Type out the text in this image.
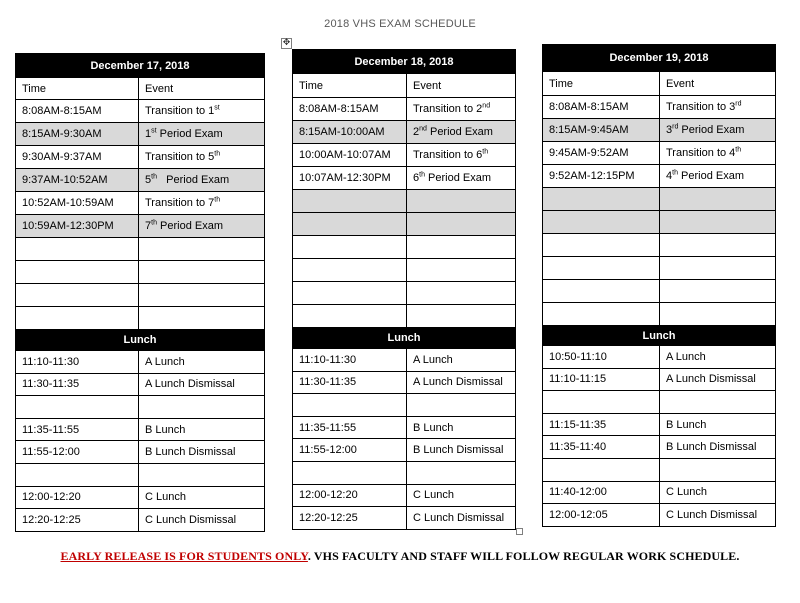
2018 VHS EXAM SCHEDULE
✥
December 17, 2018	
Time	Event
8:08AM-8:15AM	Transition to 1st
8:15AM-9:30AM	1st Period Exam
9:30AM-9:37AM	Transition to 5th
9:37AM-10:52AM	5th   Period Exam
10:52AM-10:59AM	Transition to 7th
10:59AM-12:30PM	7th Period Exam

Lunch	
11:10-11:30	A Lunch
11:30-11:35	A Lunch Dismissal

11:35-11:55	B Lunch
11:55-12:00	B Lunch Dismissal

12:00-12:20	C Lunch
12:20-12:25	C Lunch Dismissal
December 18, 2018	
Time	Event
8:08AM-8:15AM	Transition to 2nd
8:15AM-10:00AM	2nd Period Exam
10:00AM-10:07AM	Transition to 6th
10:07AM-12:30PM	6th Period Exam

Lunch	
11:10-11:30	A Lunch
11:30-11:35	A Lunch Dismissal

11:35-11:55	B Lunch
11:55-12:00	B Lunch Dismissal

12:00-12:20	C Lunch
12:20-12:25	C Lunch Dismissal
December 19, 2018	
Time	Event
8:08AM-8:15AM	Transition to 3rd
8:15AM-9:45AM	3rd Period Exam
9:45AM-9:52AM	Transition to 4th
9:52AM-12:15PM	4th Period Exam

Lunch	
10:50-11:10	A Lunch
11:10-11:15	A Lunch Dismissal

11:15-11:35	B Lunch
11:35-11:40	B Lunch Dismissal

11:40-12:00	C Lunch
12:00-12:05	C Lunch Dismissal
EARLY RELEASE IS FOR STUDENTS ONLY. VHS FACULTY AND STAFF WILL FOLLOW REGULAR WORK SCHEDULE.
